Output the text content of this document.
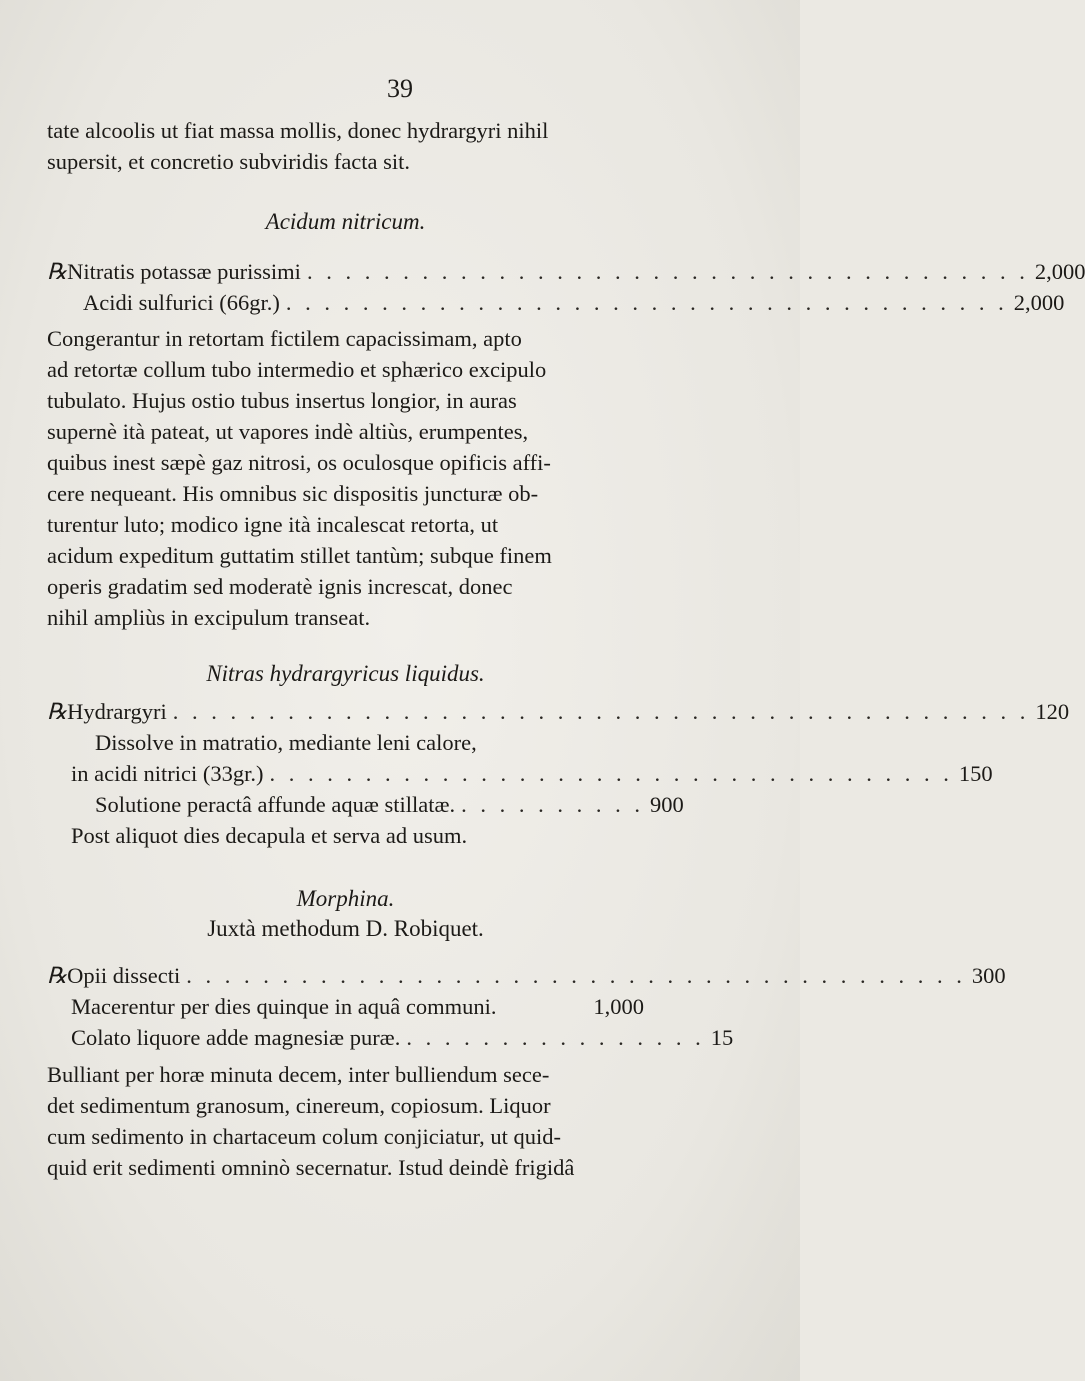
39
tate alcoolis ut fiat massa mollis, donec hydrargyri nihil
supersit, et concretio subviridis facta sit.
Acidum nitricum.
℞ Nitratis potassæ purissimi . . . . . . . . . . . . . . . . . . . . . . . . . . . . . . . . . . . . . . 2,000
Acidi sulfurici (66gr.) . . . . . . . . . . . . . . . . . . . . . . . . . . . . . . . . . . . . . . 2,000
Congerantur in retortam fictilem capacissimam, apto
ad retortæ collum tubo intermedio et sphærico excipulo
tubulato. Hujus ostio tubus insertus longior, in auras
supernè ità pateat, ut vapores indè altiùs, erumpentes,
quibus inest sæpè gaz nitrosi, os oculosque opificis affi-
cere nequeant. His omnibus sic dispositis juncturæ ob-
turentur luto; modico igne ità incalescat retorta, ut
acidum expeditum guttatim stillet tantùm; subque finem
operis gradatim sed moderatè ignis increscat, donec
nihil ampliùs in excipulum transeat.
Nitras hydrargyricus liquidus.
℞ Hydrargyri . . . . . . . . . . . . . . . . . . . . . . . . . . . . . . . . . . . . . . . . . . . . . 120
Dissolve in matratio, mediante leni calore,
in acidi nitrici (33gr.) . . . . . . . . . . . . . . . . . . . . . . . . . . . . . . . . . . . . 150
Solutione peractâ affunde aquæ stillatæ. . . . . . . . . . . 900
Post aliquot dies decapula et serva ad usum.
Morphina.
Juxtà methodum D. Robiquet.
℞ Opii dissecti . . . . . . . . . . . . . . . . . . . . . . . . . . . . . . . . . . . . . . . . . 300
Macerentur per dies quinque in aquâ communi.	1,000
Colato liquore adde magnesiæ puræ. . . . . . . . . . . . . . . . . 15
Bulliant per horæ minuta decem, inter bulliendum sece-
det sedimentum granosum, cinereum, copiosum. Liquor
cum sedimento in chartaceum colum conjiciatur, ut quid-
quid erit sedimenti omninò secernatur. Istud deindè frigidâ
